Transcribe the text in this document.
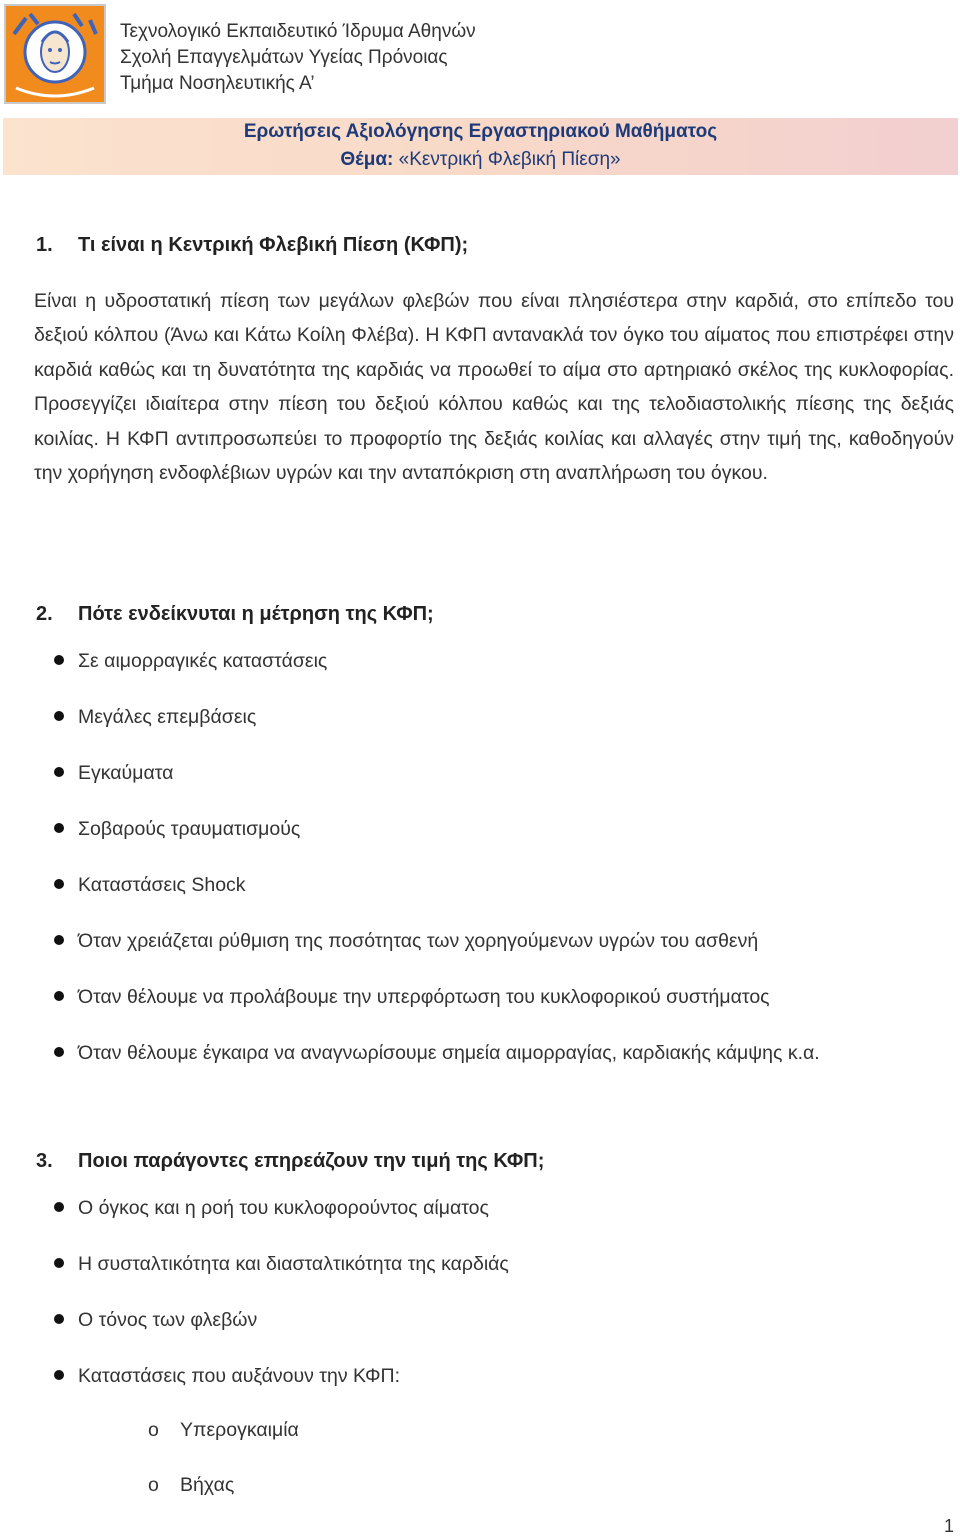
Τεχνολογικό Εκπαιδευτικό Ίδρυμα Αθηνών
Σχολή Επαγγελμάτων Υγείας Πρόνοιας
Τμήμα Νοσηλευτικής Α’
Ερωτήσεις Αξιολόγησης Εργαστηριακού Μαθήματος
Θέμα: «Κεντρική Φλεβική Πίεση»
1. Τι είναι η Κεντρική Φλεβική Πίεση (ΚΦΠ);
Είναι η υδροστατική πίεση των μεγάλων φλεβών που είναι πλησιέστερα στην καρδιά, στο επίπεδο του δεξιού κόλπου (Άνω και Κάτω Κοίλη Φλέβα). Η ΚΦΠ αντανακλά τον όγκο του αίματος που επιστρέφει στην καρδιά καθώς και τη δυνατότητα της καρδιάς να προωθεί το αίμα στο αρτηριακό σκέλος της κυκλοφορίας. Προσεγγίζει ιδιαίτερα στην πίεση του δεξιού κόλπου καθώς και της τελοδιαστολικής πίεσης της δεξιάς κοιλίας. Η ΚΦΠ αντιπροσωπεύει το προφορτίο της δεξιάς κοιλίας και αλλαγές στην τιμή της, καθοδηγούν την χορήγηση ενδοφλέβιων υγρών και την ανταπόκριση στη αναπλήρωση του όγκου.
2. Πότε ενδείκνυται η μέτρηση της ΚΦΠ;
Σε αιμορραγικές καταστάσεις
Μεγάλες επεμβάσεις
Εγκαύματα
Σοβαρούς τραυματισμούς
Καταστάσεις Shock
Όταν χρειάζεται ρύθμιση της ποσότητας των χορηγούμενων υγρών του ασθενή
Όταν θέλουμε να προλάβουμε την υπερφόρτωση του κυκλοφορικού συστήματος
Όταν θέλουμε έγκαιρα να αναγνωρίσουμε σημεία αιμορραγίας, καρδιακής κάμψης κ.α.
3. Ποιοι παράγοντες επηρεάζουν την τιμή της ΚΦΠ;
Ο όγκος και η ροή του κυκλοφορούντος αίματος
Η συσταλτικότητα και διασταλτικότητα της καρδιάς
Ο τόνος των φλεβών
Καταστάσεις που αυξάνουν την ΚΦΠ:
o Υπερογκαιμία
o Βήχας
1
